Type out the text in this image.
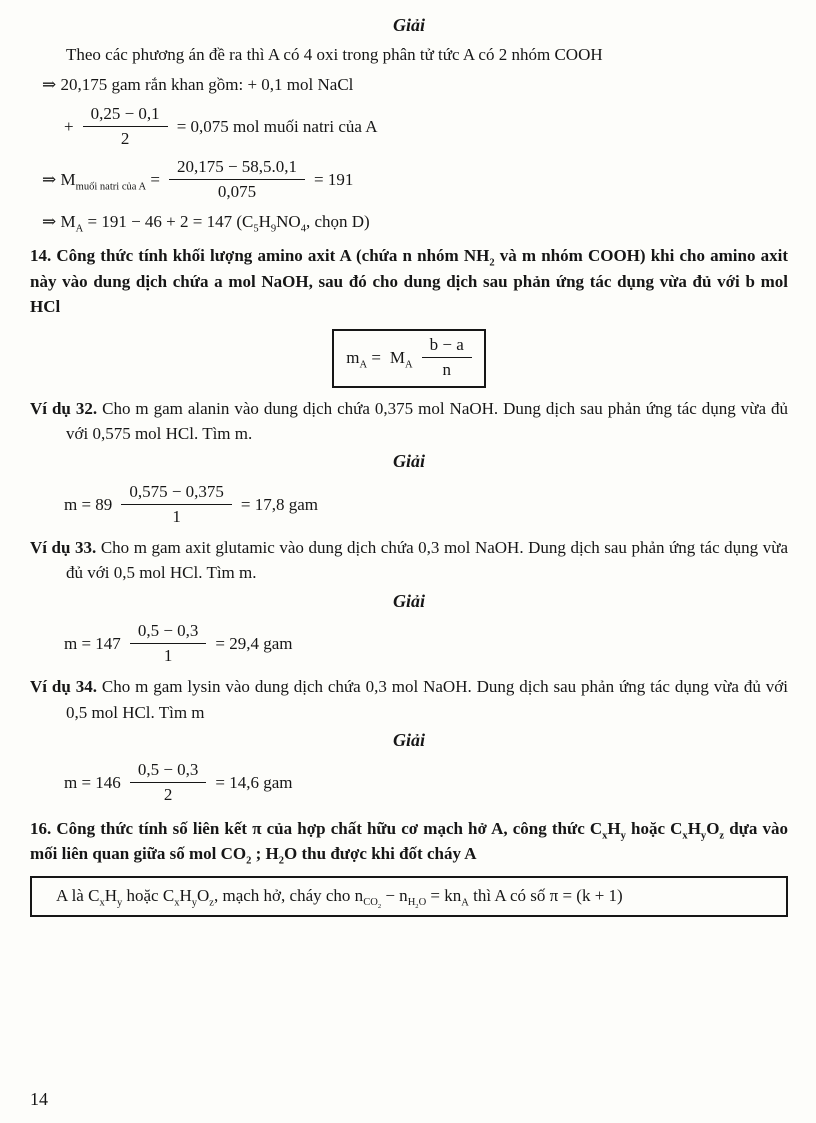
Giải

Theo các phương án đề ra thì A có 4 oxi trong phân tử tức A có 2 nhóm COOH

⇒ 20,175 gam rắn khan gồm: + 0,1 mol NaCl

+ $\frac{0,25 - 0,1}{2} = 0,075$ mol muối natri của A
⇒ $M_{muối natri của A} = \frac{20,175 - 58,5.0,1}{0,075} = 191$

⇒ $M_A = 191 - 46 + 2 = 147$ ($C_5H_9NO_4$, chọn D)

14. Công thức tính khối lượng amino axit A (chứa n nhóm $NH_2$ và m nhóm COOH) khi cho amino axit này vào dung dịch chứa a mol NaOH, sau đó cho dung dịch sau phản ứng tác dụng vừa đủ với b mol HCl

$m_A = M_A \frac{b - a}{n}$

Ví dụ 32. Cho m gam alanin vào dung dịch chứa 0,375 mol NaOH. Dung dịch sau phản ứng tác dụng vừa đủ với 0,575 mol HCl. Tìm m.

Giải
$m = 89 \frac{0,575 - 0,375}{1} = 17,8$ gam

Ví dụ 33. Cho m gam axit glutamic vào dung dịch chứa 0,3 mol NaOH. Dung dịch sau phản ứng tác dụng vừa đủ với 0,5 mol HCl. Tìm m.

Giải
$m = 147 \frac{0,5 - 0,3}{1} = 29,4$ gam

Ví dụ 34. Cho m gam lysin vào dung dịch chứa 0,3 mol NaOH. Dung dịch sau phản ứng tác dụng vừa đủ với 0,5 mol HCl. Tìm m

Giải
$m = 146 \frac{0,5 - 0,3}{2} = 14,6$ gam

16. Công thức tính số liên kết π của hợp chất hữu cơ mạch hở A, công thức $C_xH_y$ hoặc $C_xH_yO_z$ dựa vào mối liên quan giữa số mol $CO_2$ ; $H_2O$ thu được khi đốt cháy A

A là $C_xH_y$ hoặc $C_xH_yO_z$, mạch hở, cháy cho $n_{CO_2} - n_{H_2O} = kn_A$ thì A có số π = (k + 1)
14
